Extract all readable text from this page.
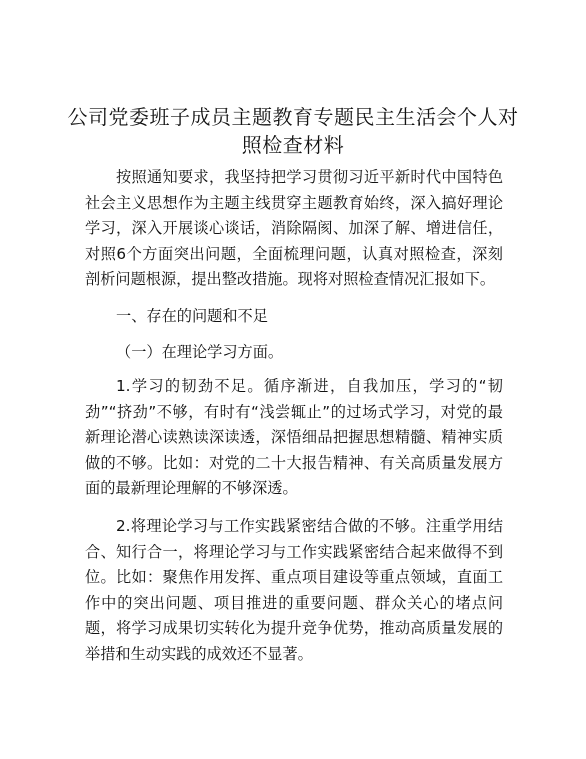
公司党委班子成员主题教育专题民主生活会个人对照检查材料

按照通知要求，我坚持把学习贯彻习近平新时代中国特色社会主义思想作为主题主线贯穿主题教育始终，深入搞好理论学习，深入开展谈心谈话，消除隔阂、加深了解、增进信任，对照6个方面突出问题，全面梳理问题，认真对照检查，深刻剖析问题根源，提出整改措施。现将对照检查情况汇报如下。

一、存在的问题和不足

（一）在理论学习方面。

1.学习的韧劲不足。循序渐进，自我加压，学习的“韧劲”“挤劲”不够，有时有“浅尝辄止”的过场式学习，对党的最新理论潜心读熟读深读透，深悟细品把握思想精髓、精神实质做的不够。比如：对党的二十大报告精神、有关高质量发展方面的最新理论理解的不够深透。

2.将理论学习与工作实践紧密结合做的不够。注重学用结合、知行合一，将理论学习与工作实践紧密结合起来做得不到位。比如：聚焦作用发挥、重点项目建设等重点领域，直面工作中的突出问题、项目推进的重要问题、群众关心的堵点问题，将学习成果切实转化为提升竞争优势，推动高质量发展的举措和生动实践的成效还不显著。
